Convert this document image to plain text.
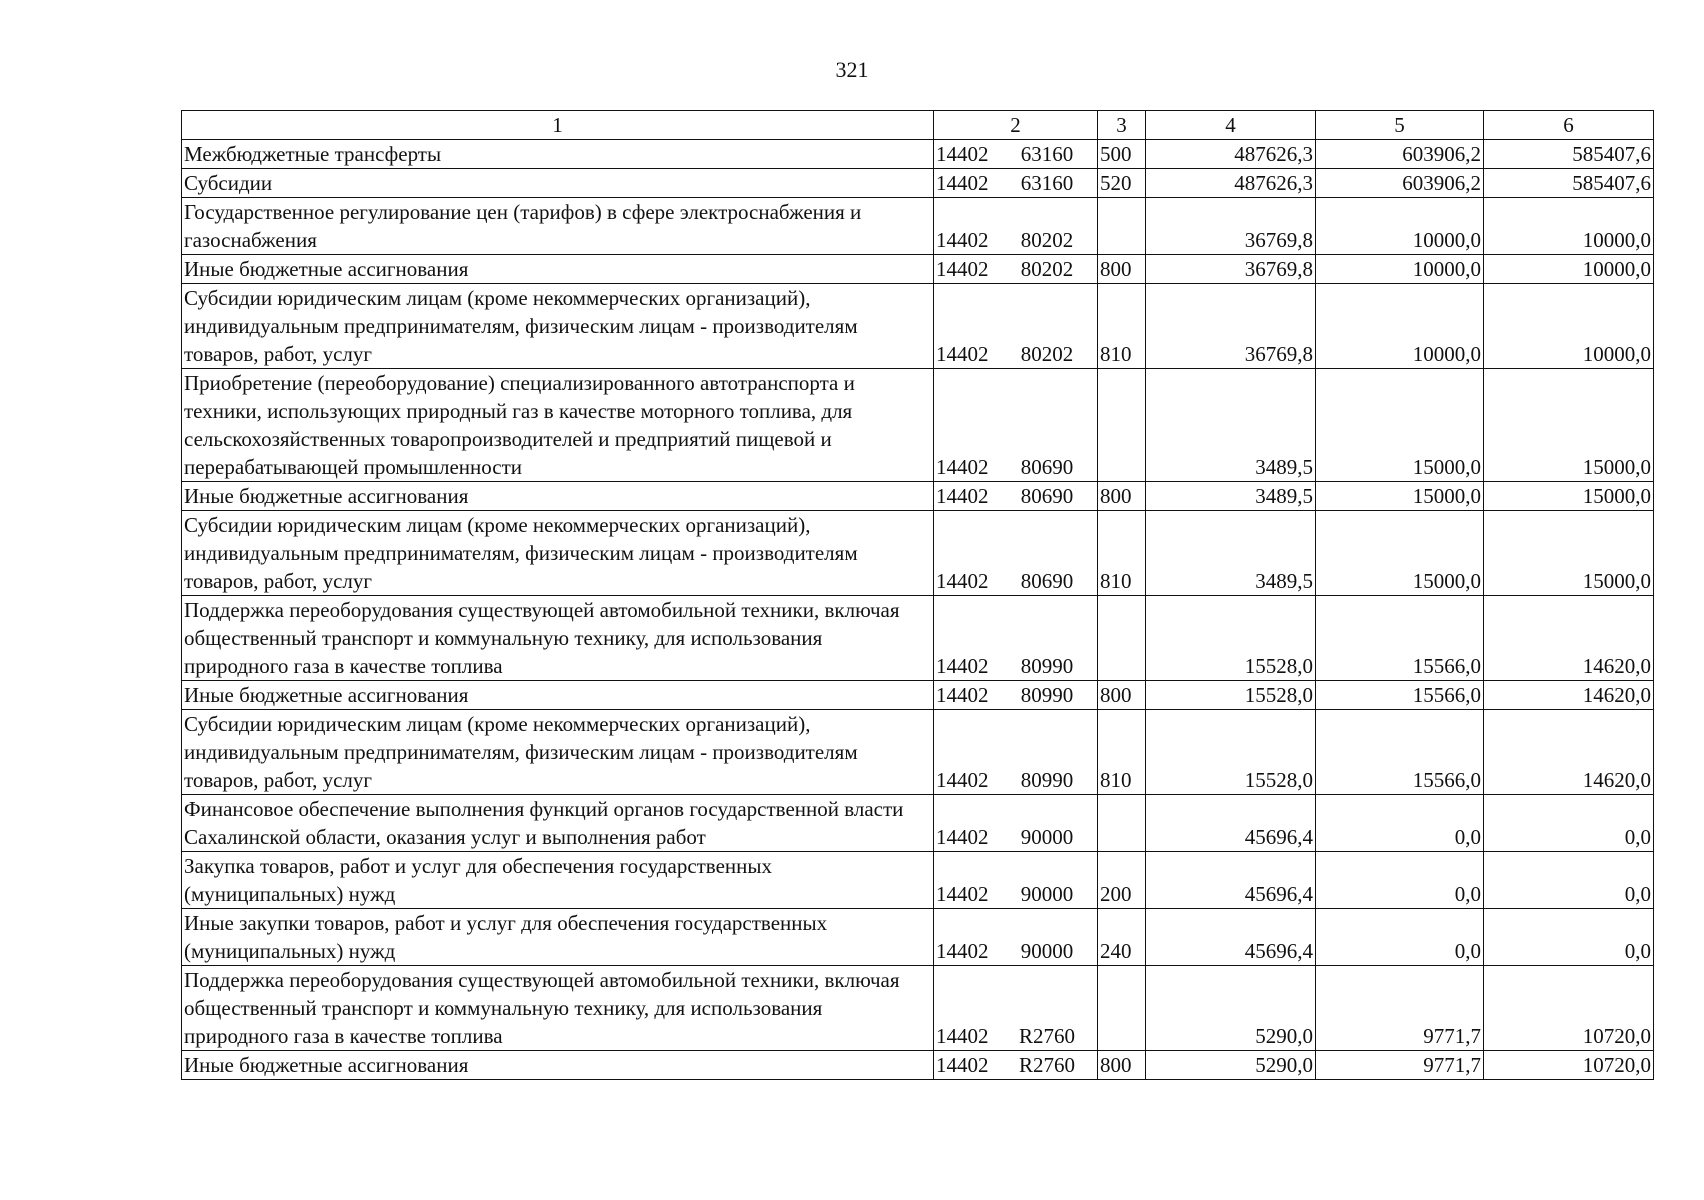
321
1	2	3	4	5	6
Межбюджетные трансферты	14402 63160	500	487626,3	603906,2	585407,6
Субсидии	14402 63160	520	487626,3	603906,2	585407,6
Государственное регулирование цен (тарифов) в сфере электроснабжения и газоснабжения	14402 80202		36769,8	10000,0	10000,0
Иные бюджетные ассигнования	14402 80202	800	36769,8	10000,0	10000,0
Субсидии юридическим лицам (кроме некоммерческих организаций), индивидуальным предпринимателям, физическим лицам - производителям товаров, работ, услуг	14402 80202	810	36769,8	10000,0	10000,0
Приобретение (переоборудование) специализированного автотранспорта и техники, использующих природный газ в качестве моторного топлива, для сельскохозяйственных товаропроизводителей и предприятий пищевой и перерабатывающей промышленности	14402 80690		3489,5	15000,0	15000,0
Иные бюджетные ассигнования	14402 80690	800	3489,5	15000,0	15000,0
Субсидии юридическим лицам (кроме некоммерческих организаций), индивидуальным предпринимателям, физическим лицам - производителям товаров, работ, услуг	14402 80690	810	3489,5	15000,0	15000,0
Поддержка переоборудования существующей автомобильной техники, включая общественный транспорт и коммунальную технику, для использования природного газа в качестве топлива	14402 80990		15528,0	15566,0	14620,0
Иные бюджетные ассигнования	14402 80990	800	15528,0	15566,0	14620,0
Субсидии юридическим лицам (кроме некоммерческих организаций), индивидуальным предпринимателям, физическим лицам - производителям товаров, работ, услуг	14402 80990	810	15528,0	15566,0	14620,0
Финансовое обеспечение выполнения функций органов государственной власти Сахалинской области, оказания услуг и выполнения работ	14402 90000		45696,4	0,0	0,0
Закупка товаров, работ и услуг для обеспечения государственных (муниципальных) нужд	14402 90000	200	45696,4	0,0	0,0
Иные закупки товаров, работ и услуг для обеспечения государственных (муниципальных) нужд	14402 90000	240	45696,4	0,0	0,0
Поддержка переоборудования существующей автомобильной техники, включая общественный транспорт и коммунальную технику, для использования природного газа в качестве топлива	14402 R2760		5290,0	9771,7	10720,0
Иные бюджетные ассигнования	14402 R2760	800	5290,0	9771,7	10720,0
